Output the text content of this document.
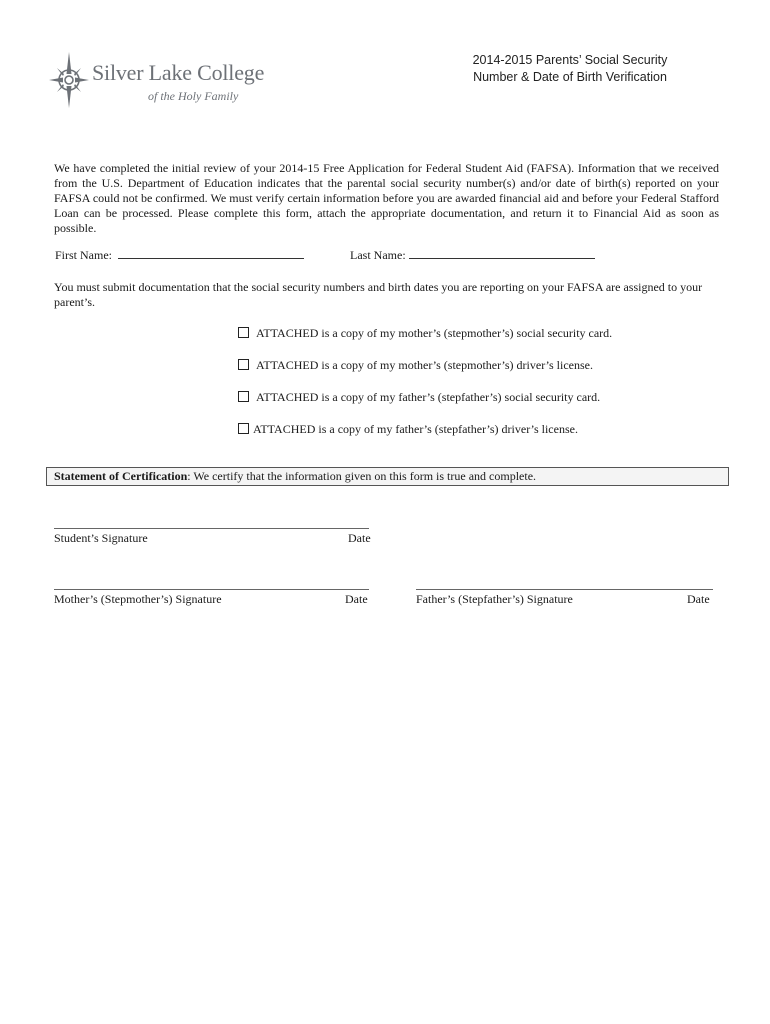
Silver Lake College
of the Holy Family
2014-2015 Parents’ Social Security
Number & Date of Birth Verification
We have completed the initial review of your 2014-15 Free Application for Federal Student Aid (FAFSA). Information that we received from the U.S. Department of Education indicates that the parental social security number(s) and/or date of birth(s) reported on your FAFSA could not be confirmed. We must verify certain information before you are awarded financial aid and before your Federal Stafford Loan can be processed. Please complete this form, attach the appropriate documentation, and return it to Financial Aid as soon as possible.
First Name:	Last Name:
You must submit documentation that the social security numbers and birth dates you are reporting on your FAFSA are assigned to your parent’s.
ATTACHED is a copy of my mother’s (stepmother’s) social security card.
ATTACHED is a copy of my mother’s (stepmother’s) driver’s license.
ATTACHED is a copy of my father’s (stepfather’s) social security card.
ATTACHED is a copy of my father’s (stepfather’s) driver’s license.
Statement of Certification: We certify that the information given on this form is true and complete.
Student’s Signature	Date
Mother’s (Stepmother’s) Signature	Date	Father’s (Stepfather’s) Signature	Date
